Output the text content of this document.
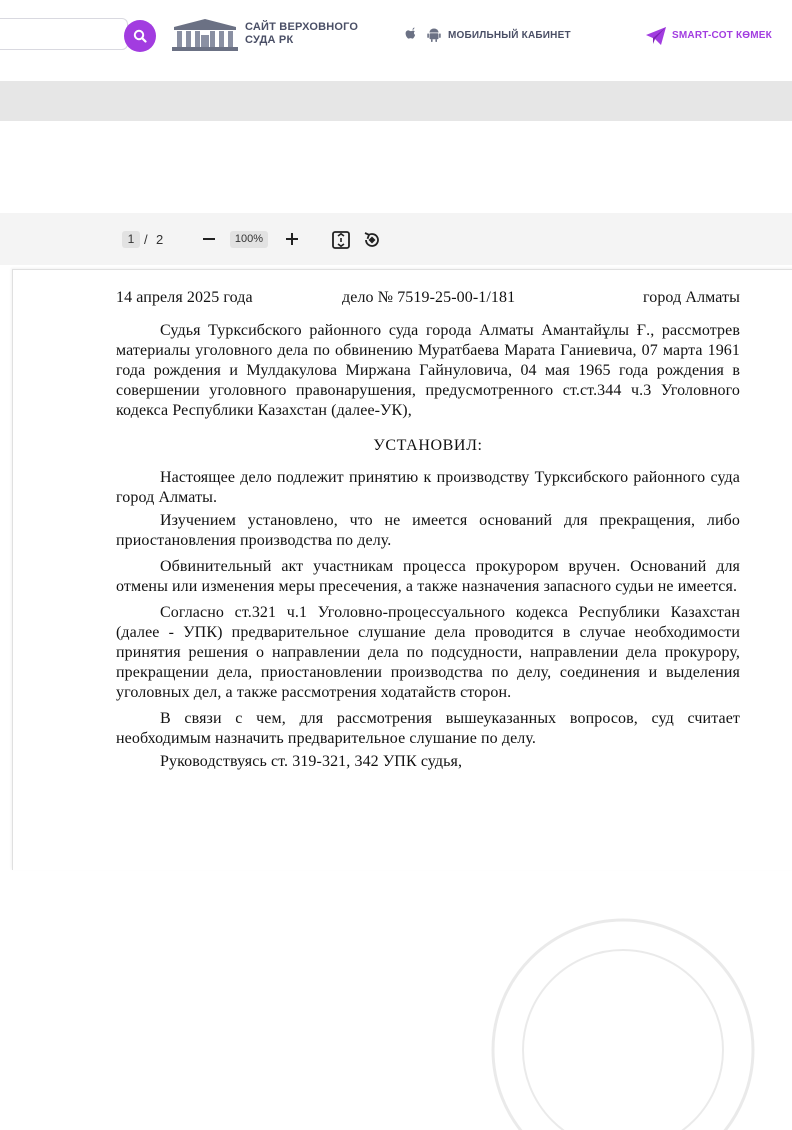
САЙТ ВЕРХОВНОГО
СУДА РК	МОБИЛЬНЫЙ КАБИНЕТ	SMART-СОТ КӨМЕК
1 / 2	100%
14 апреля 2025 года	дело № 7519-25-00-1/181	город Алматы

Судья Турксибского районного суда города Алматы Амантайұлы Ғ., рассмотрев материалы уголовного дела по обвинению Муратбаева Марата Ганиевича, 07 марта 1961 года рождения и Мулдакулова Миржана Гайнуловича, 04 мая 1965 года рождения в совершении уголовного правонарушения, предусмотренного ст.ст.344 ч.3 Уголовного кодекса Республики Казахстан (далее-УК),

УСТАНОВИЛ:

Настоящее дело подлежит принятию к производству Турксибского районного суда город Алматы.

Изучением установлено, что не имеется оснований для прекращения, либо приостановления производства по делу.

Обвинительный акт участникам процесса прокурором вручен. Оснований для отмены или изменения меры пресечения, а также назначения запасного судьи не имеется.

Согласно ст.321 ч.1 Уголовно-процессуального кодекса Республики Казахстан (далее - УПК) предварительное слушание дела проводится в случае необходимости принятия решения о направлении дела по подсудности, направлении дела прокурору, прекращении дела, приостановлении производства по делу, соединения и выделения уголовных дел, а также рассмотрения ходатайств сторон.

В связи с чем, для рассмотрения вышеуказанных вопросов, суд считает необходимым назначить предварительное слушание по делу.

Руководствуясь ст. 319-321, 342 УПК судья,
